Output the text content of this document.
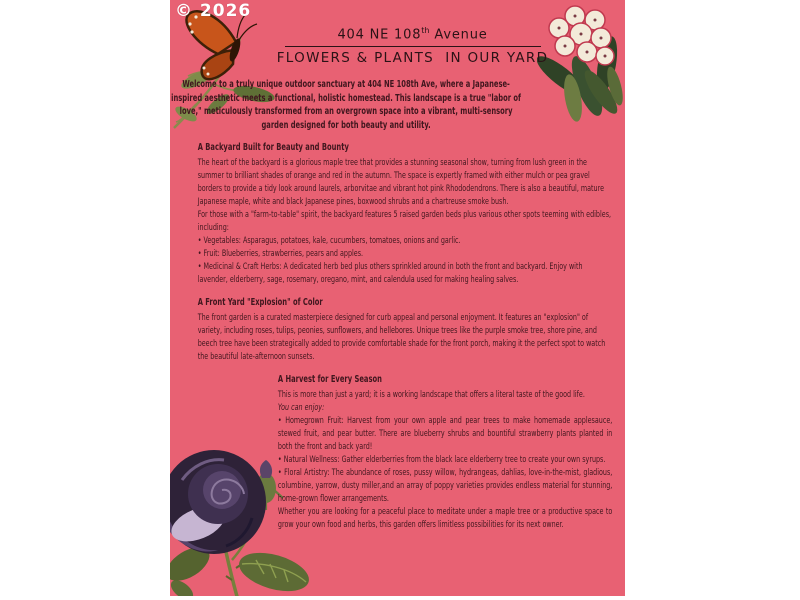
© 2026
404 NE 108th Avenue
FLOWERS & PLANTS  IN OUR YARD

Welcome to a truly unique outdoor sanctuary at 404 NE 108th Ave, where a Japanese-inspired aesthetic meets a functional, holistic homestead. This landscape is a true "labor of love," meticulously transformed from an overgrown space into a vibrant, multi-sensory garden designed for both beauty and utility.

A Backyard Built for Beauty and Bounty

The heart of the backyard is a glorious maple tree that provides a stunning seasonal show, turning from lush green in the summer to brilliant shades of orange and red in the autumn. The space is expertly framed with either mulch or pea gravel borders to provide a tidy look around laurels, arborvitae and vibrant hot pink Rhododendrons. There is also a beautiful, mature Japanese maple, white and black Japanese pines, boxwood shrubs and a chartreuse smoke bush.

For those with a "farm-to-table" spirit, the backyard features 5 raised garden beds plus various other spots teeming with edibles, including:

• Vegetables: Asparagus, potatoes, kale, cucumbers, tomatoes, onions and garlic.

• Fruit: Blueberries, strawberries, pears and apples.

• Medicinal & Craft Herbs: A dedicated herb bed plus others sprinkled around in both the front and backyard. Enjoy with lavender, elderberry, sage, rosemary, oregano, mint, and calendula used for making healing salves.

A Front Yard "Explosion" of Color

The front garden is a curated masterpiece designed for curb appeal and personal enjoyment. It features an "explosion" of variety, including roses, tulips, peonies, sunflowers, and hellebores. Unique trees like the purple smoke tree, shore pine, and beech tree have been strategically added to provide comfortable shade for the front porch, making it the perfect spot to watch the beautiful late-afternoon sunsets.

A Harvest for Every Season

This is more than just a yard; it is a working landscape that offers a literal taste of the good life.

You can enjoy:

• Homegrown Fruit: Harvest from your own apple and pear trees to make homemade applesauce, stewed fruit, and pear butter. There are blueberry shrubs and bountiful strawberry plants planted in both the front and back yard!

• Natural Wellness: Gather elderberries from the black lace elderberry tree to create your own syrups.

• Floral Artistry: The abundance of roses, pussy willow, hydrangeas, dahlias, love-in-the-mist, gladious, columbine, yarrow, dusty miller,and an array of poppy varieties provides endless material for stunning, home-grown flower arrangements.

Whether you are looking for a peaceful place to meditate under a maple tree or a productive space to grow your own food and herbs, this garden offers limitless possibilities for its next owner.
